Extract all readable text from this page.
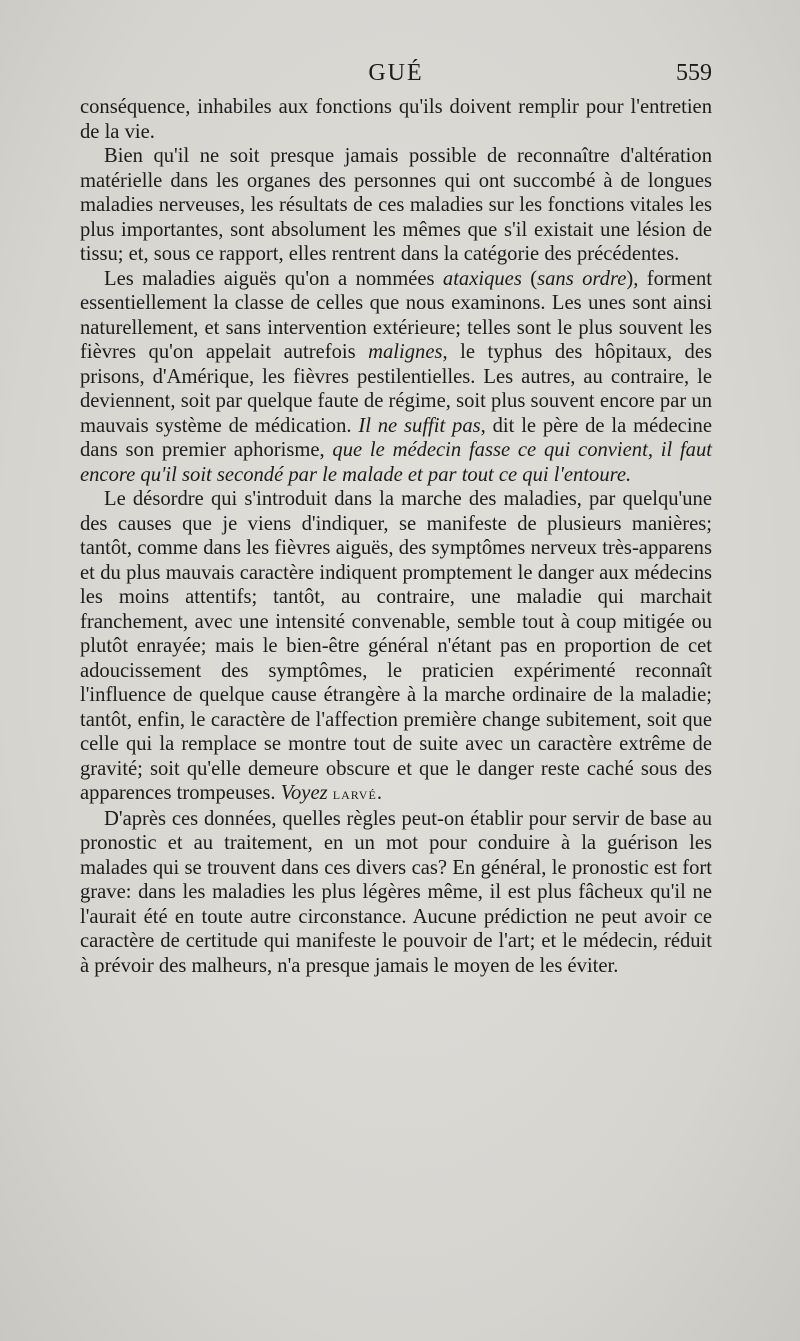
GUÉ	559

conséquence, inhabiles aux fonctions qu'ils doivent remplir pour l'entretien de la vie.

Bien qu'il ne soit presque jamais possible de reconnaître d'altération matérielle dans les organes des personnes qui ont succombé à de longues maladies nerveuses, les résultats de ces maladies sur les fonctions vitales les plus importantes, sont absolument les mêmes que s'il existait une lésion de tissu; et, sous ce rapport, elles rentrent dans la catégorie des précédentes.

Les maladies aiguës qu'on a nommées ataxiques (sans ordre), forment essentiellement la classe de celles que nous examinons. Les unes sont ainsi naturellement, et sans intervention extérieure; telles sont le plus souvent les fièvres qu'on appelait autrefois malignes, le typhus des hôpitaux, des prisons, d'Amérique, les fièvres pestilentielles. Les autres, au contraire, le deviennent, soit par quelque faute de régime, soit plus souvent encore par un mauvais système de médication. Il ne suffit pas, dit le père de la médecine dans son premier aphorisme, que le médecin fasse ce qui convient, il faut encore qu'il soit secondé par le malade et par tout ce qui l'entoure.

Le désordre qui s'introduit dans la marche des maladies, par quelqu'une des causes que je viens d'indiquer, se manifeste de plusieurs manières; tantôt, comme dans les fièvres aiguës, des symptômes nerveux très-apparens et du plus mauvais caractère indiquent promptement le danger aux médecins les moins attentifs; tantôt, au contraire, une maladie qui marchait franchement, avec une intensité convenable, semble tout à coup mitigée ou plutôt enrayée; mais le bien-être général n'étant pas en proportion de cet adoucissement des symptômes, le praticien expérimenté reconnaît l'influence de quelque cause étrangère à la marche ordinaire de la maladie; tantôt, enfin, le caractère de l'affection première change subitement, soit que celle qui la remplace se montre tout de suite avec un caractère extrême de gravité; soit qu'elle demeure obscure et que le danger reste caché sous des apparences trompeuses. Voyez larvé.

D'après ces données, quelles règles peut-on établir pour servir de base au pronostic et au traitement, en un mot pour conduire à la guérison les malades qui se trouvent dans ces divers cas? En général, le pronostic est fort grave: dans les maladies les plus légères même, il est plus fâcheux qu'il ne l'aurait été en toute autre circonstance. Aucune prédiction ne peut avoir ce caractère de certitude qui manifeste le pouvoir de l'art; et le médecin, réduit à prévoir des malheurs, n'a presque jamais le moyen de les éviter.
